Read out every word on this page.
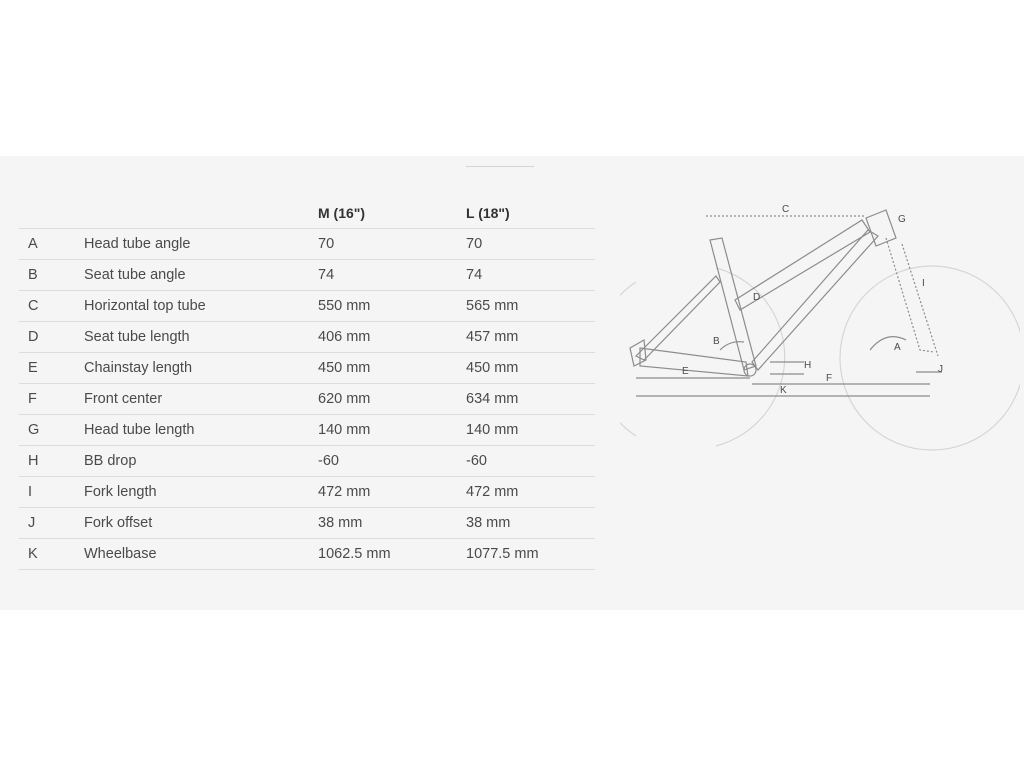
		M (16")	L (18")
A	Head tube angle	70	70
B	Seat tube angle	74	74
C	Horizontal top tube	550 mm	565 mm
D	Seat tube length	406 mm	457 mm
E	Chainstay length	450 mm	450 mm
F	Front center	620 mm	634 mm
G	Head tube length	140 mm	140 mm
H	BB drop	-60	-60
I	Fork length	472 mm	472 mm
J	Fork offset	38 mm	38 mm
K	Wheelbase	1062.5 mm	1077.5 mm
C
G
D
I
B
A
H	J
E
F
K
